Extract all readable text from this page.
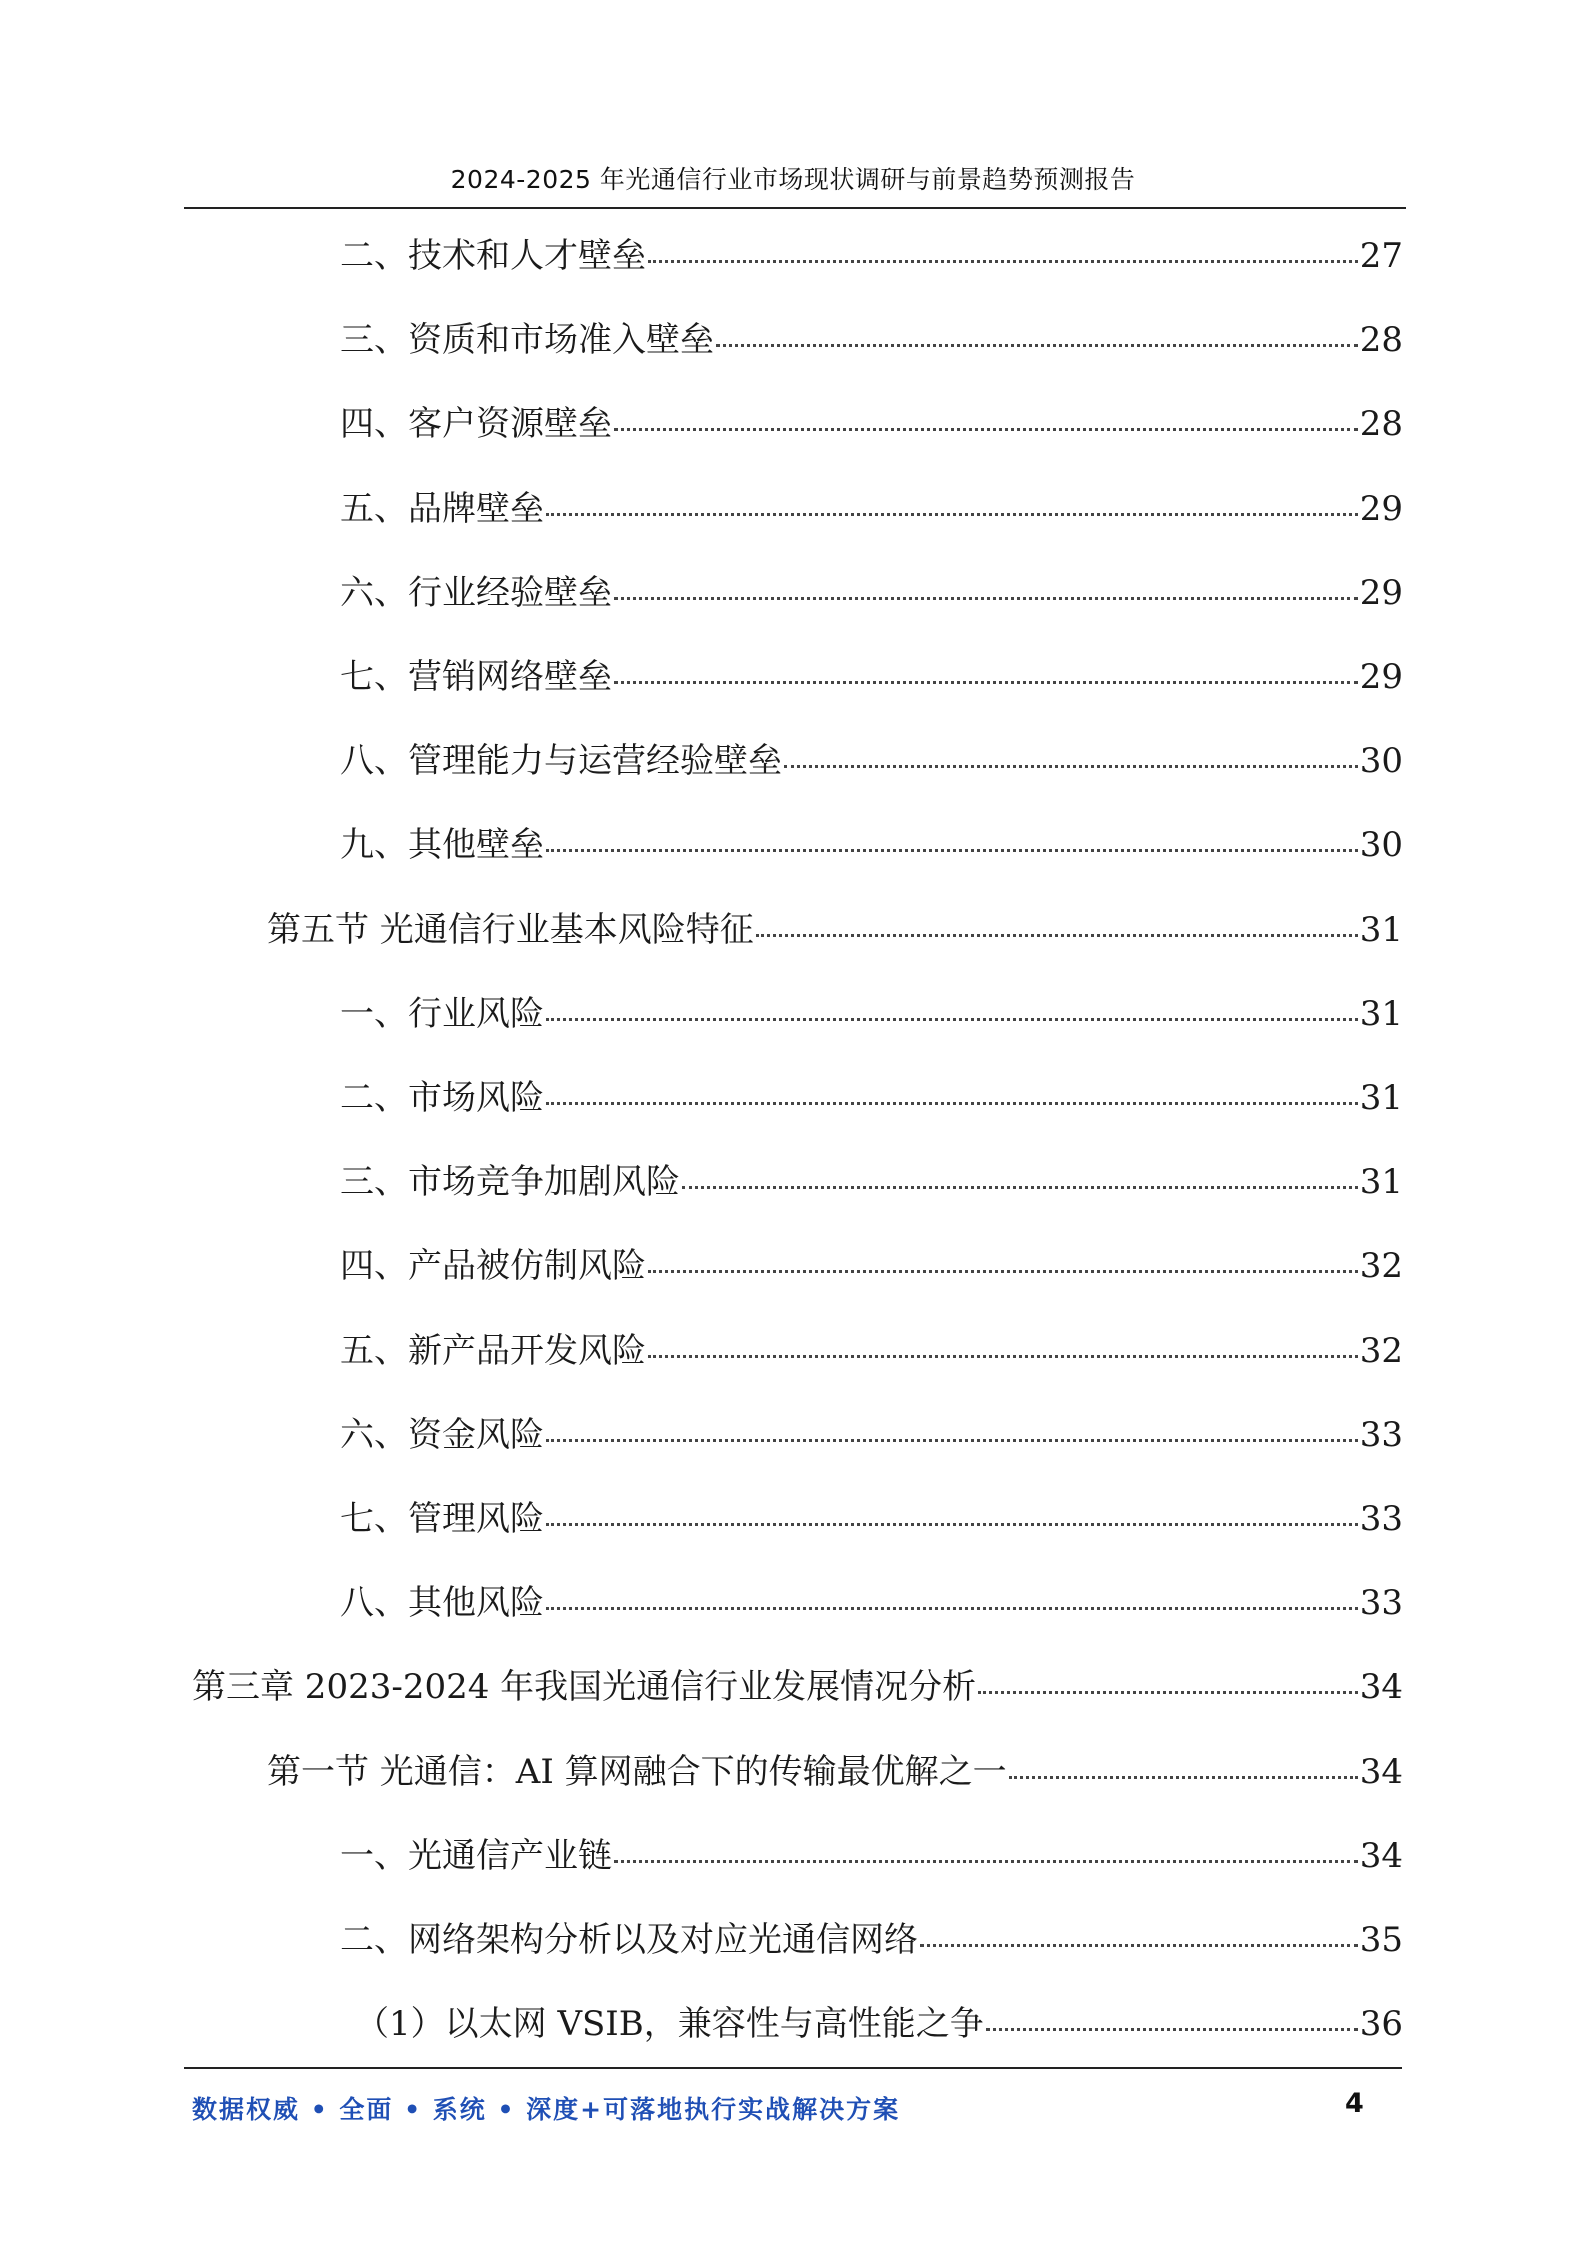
2024-2025 年光通信行业市场现状调研与前景趋势预测报告
二、技术和人才壁垒	27
三、资质和市场准入壁垒	28
四、客户资源壁垒	28
五、品牌壁垒	29
六、行业经验壁垒	29
七、营销网络壁垒	29
八、管理能力与运营经验壁垒	30
九、其他壁垒	30
第五节 光通信行业基本风险特征	31
一、行业风险	31
二、市场风险	31
三、市场竞争加剧风险	31
四、产品被仿制风险	32
五、新产品开发风险	32
六、资金风险	33
七、管理风险	33
八、其他风险	33
第三章 2023-2024 年我国光通信行业发展情况分析	34
第一节 光通信：AI 算网融合下的传输最优解之一	34
一、光通信产业链	34
二、网络架构分析以及对应光通信网络	35
（1）以太网 VSIB，兼容性与高性能之争	36
数据权威 • 全面 • 系统 • 深度+可落地执行实战解决方案	4
